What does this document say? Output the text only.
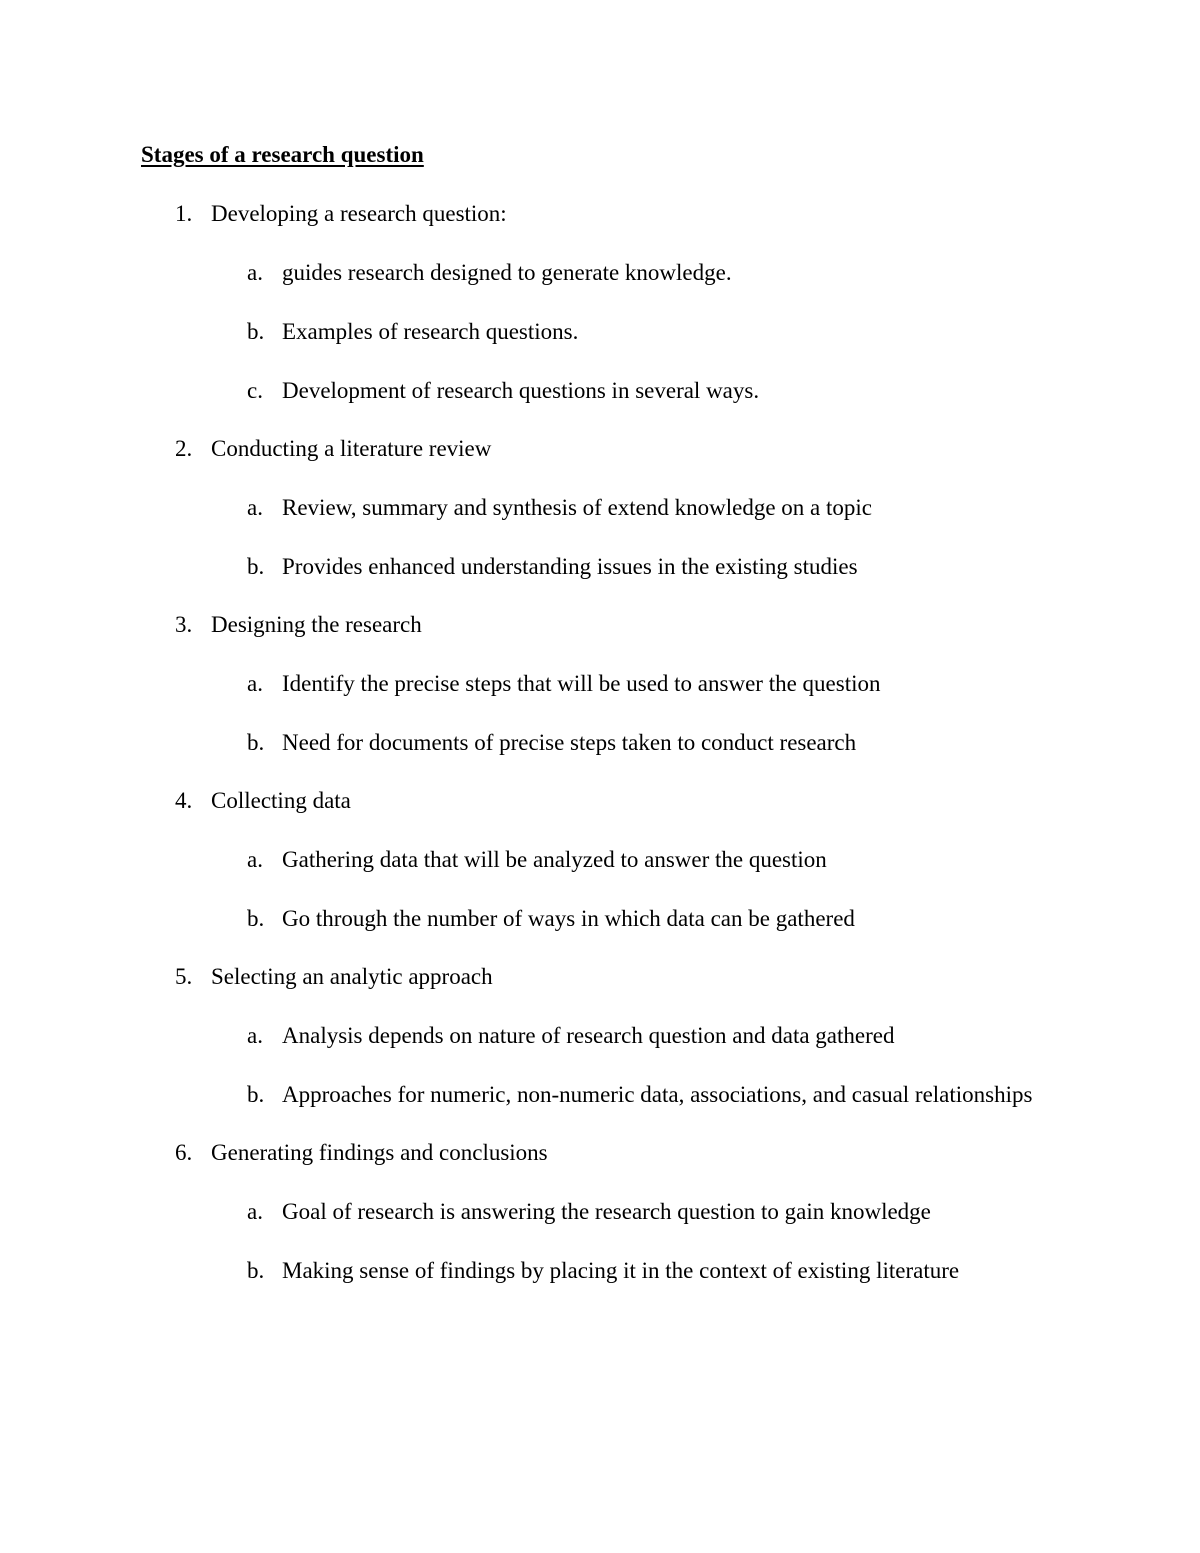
Stages of a research question
1. Developing a research question:
a. guides research designed to generate knowledge.
b. Examples of research questions.
c. Development of research questions in several ways.
2. Conducting a literature review
a. Review, summary and synthesis of extend knowledge on a topic
b. Provides enhanced understanding issues in the existing studies
3. Designing the research
a. Identify the precise steps that will be used to answer the question
b. Need for documents of precise steps taken to conduct research
4. Collecting data
a. Gathering data that will be analyzed to answer the question
b. Go through the number of ways in which data can be gathered
5. Selecting an analytic approach
a. Analysis depends on nature of research question and data gathered
b. Approaches for numeric, non-numeric data, associations, and casual relationships
6. Generating findings and conclusions
a. Goal of research is answering the research question to gain knowledge
b. Making sense of findings by placing it in the context of existing literature
